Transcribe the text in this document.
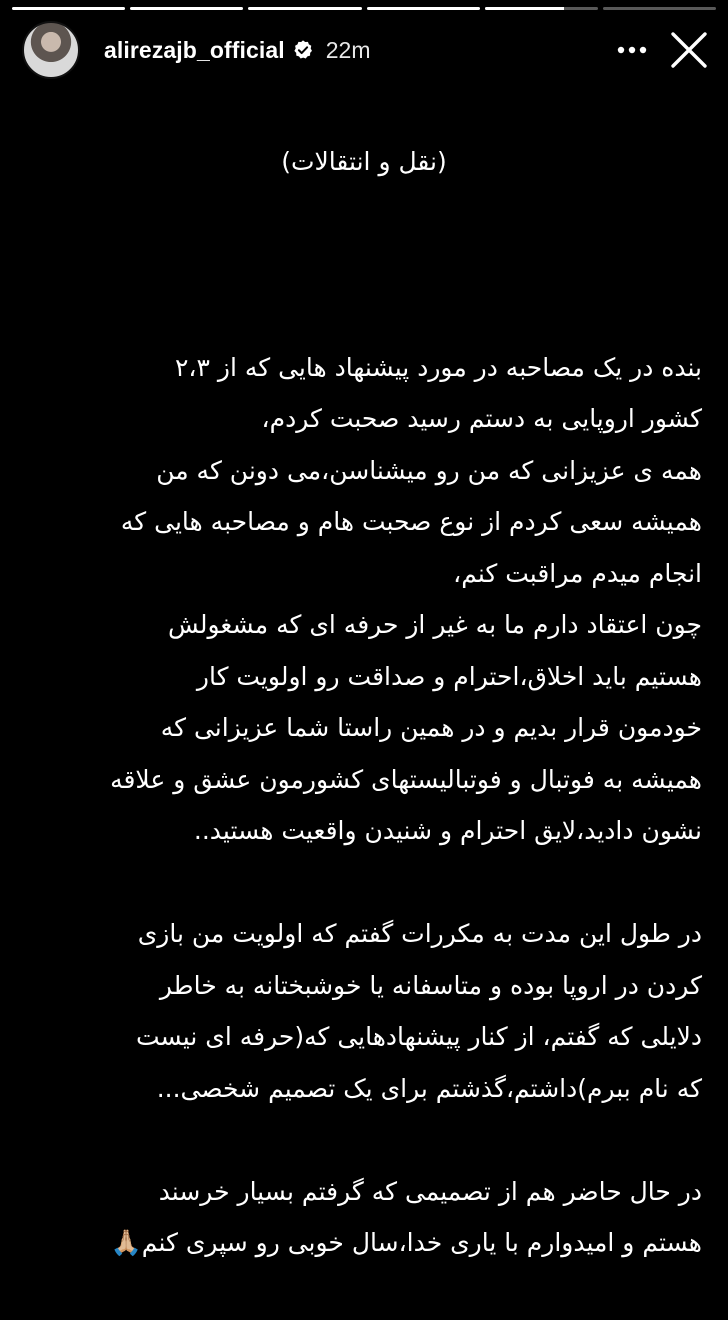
alirezajb_official 22m

(نقل و انتقالات)

بنده در یک مصاحبه در مورد پیشنهاد هایی که از ۲،۳
کشور اروپایی به دستم رسید صحبت کردم،
همه ی عزیزانی که من رو میشناسن،می دونن که من
همیشه سعی کردم از نوع صحبت هام و مصاحبه هایی که
انجام میدم مراقبت کنم،
چون اعتقاد دارم ما به غیر از حرفه ای که مشغولش
هستیم باید اخلاق،احترام و صداقت رو اولویت کار
خودمون قرار بدیم و در همین راستا شما عزیزانی که
همیشه به فوتبال و فوتبالیستهای کشورمون عشق و علاقه
نشون دادید،لایق احترام و شنیدن واقعیت هستید..
در طول این مدت به مکررات گفتم که اولویت من بازی
کردن در اروپا بوده و متاسفانه یا خوشبختانه به خاطر
دلایلی که گفتم، از کنار پیشنهادهایی که(حرفه ای نیست
که نام ببرم)داشتم،گذشتم برای یک تصمیم شخصی...
در حال حاضر هم از تصمیمی که گرفتم بسیار خرسند
هستم و امیدوارم با یاری خدا،سال خوبی رو سپری کنم🙏🏼
